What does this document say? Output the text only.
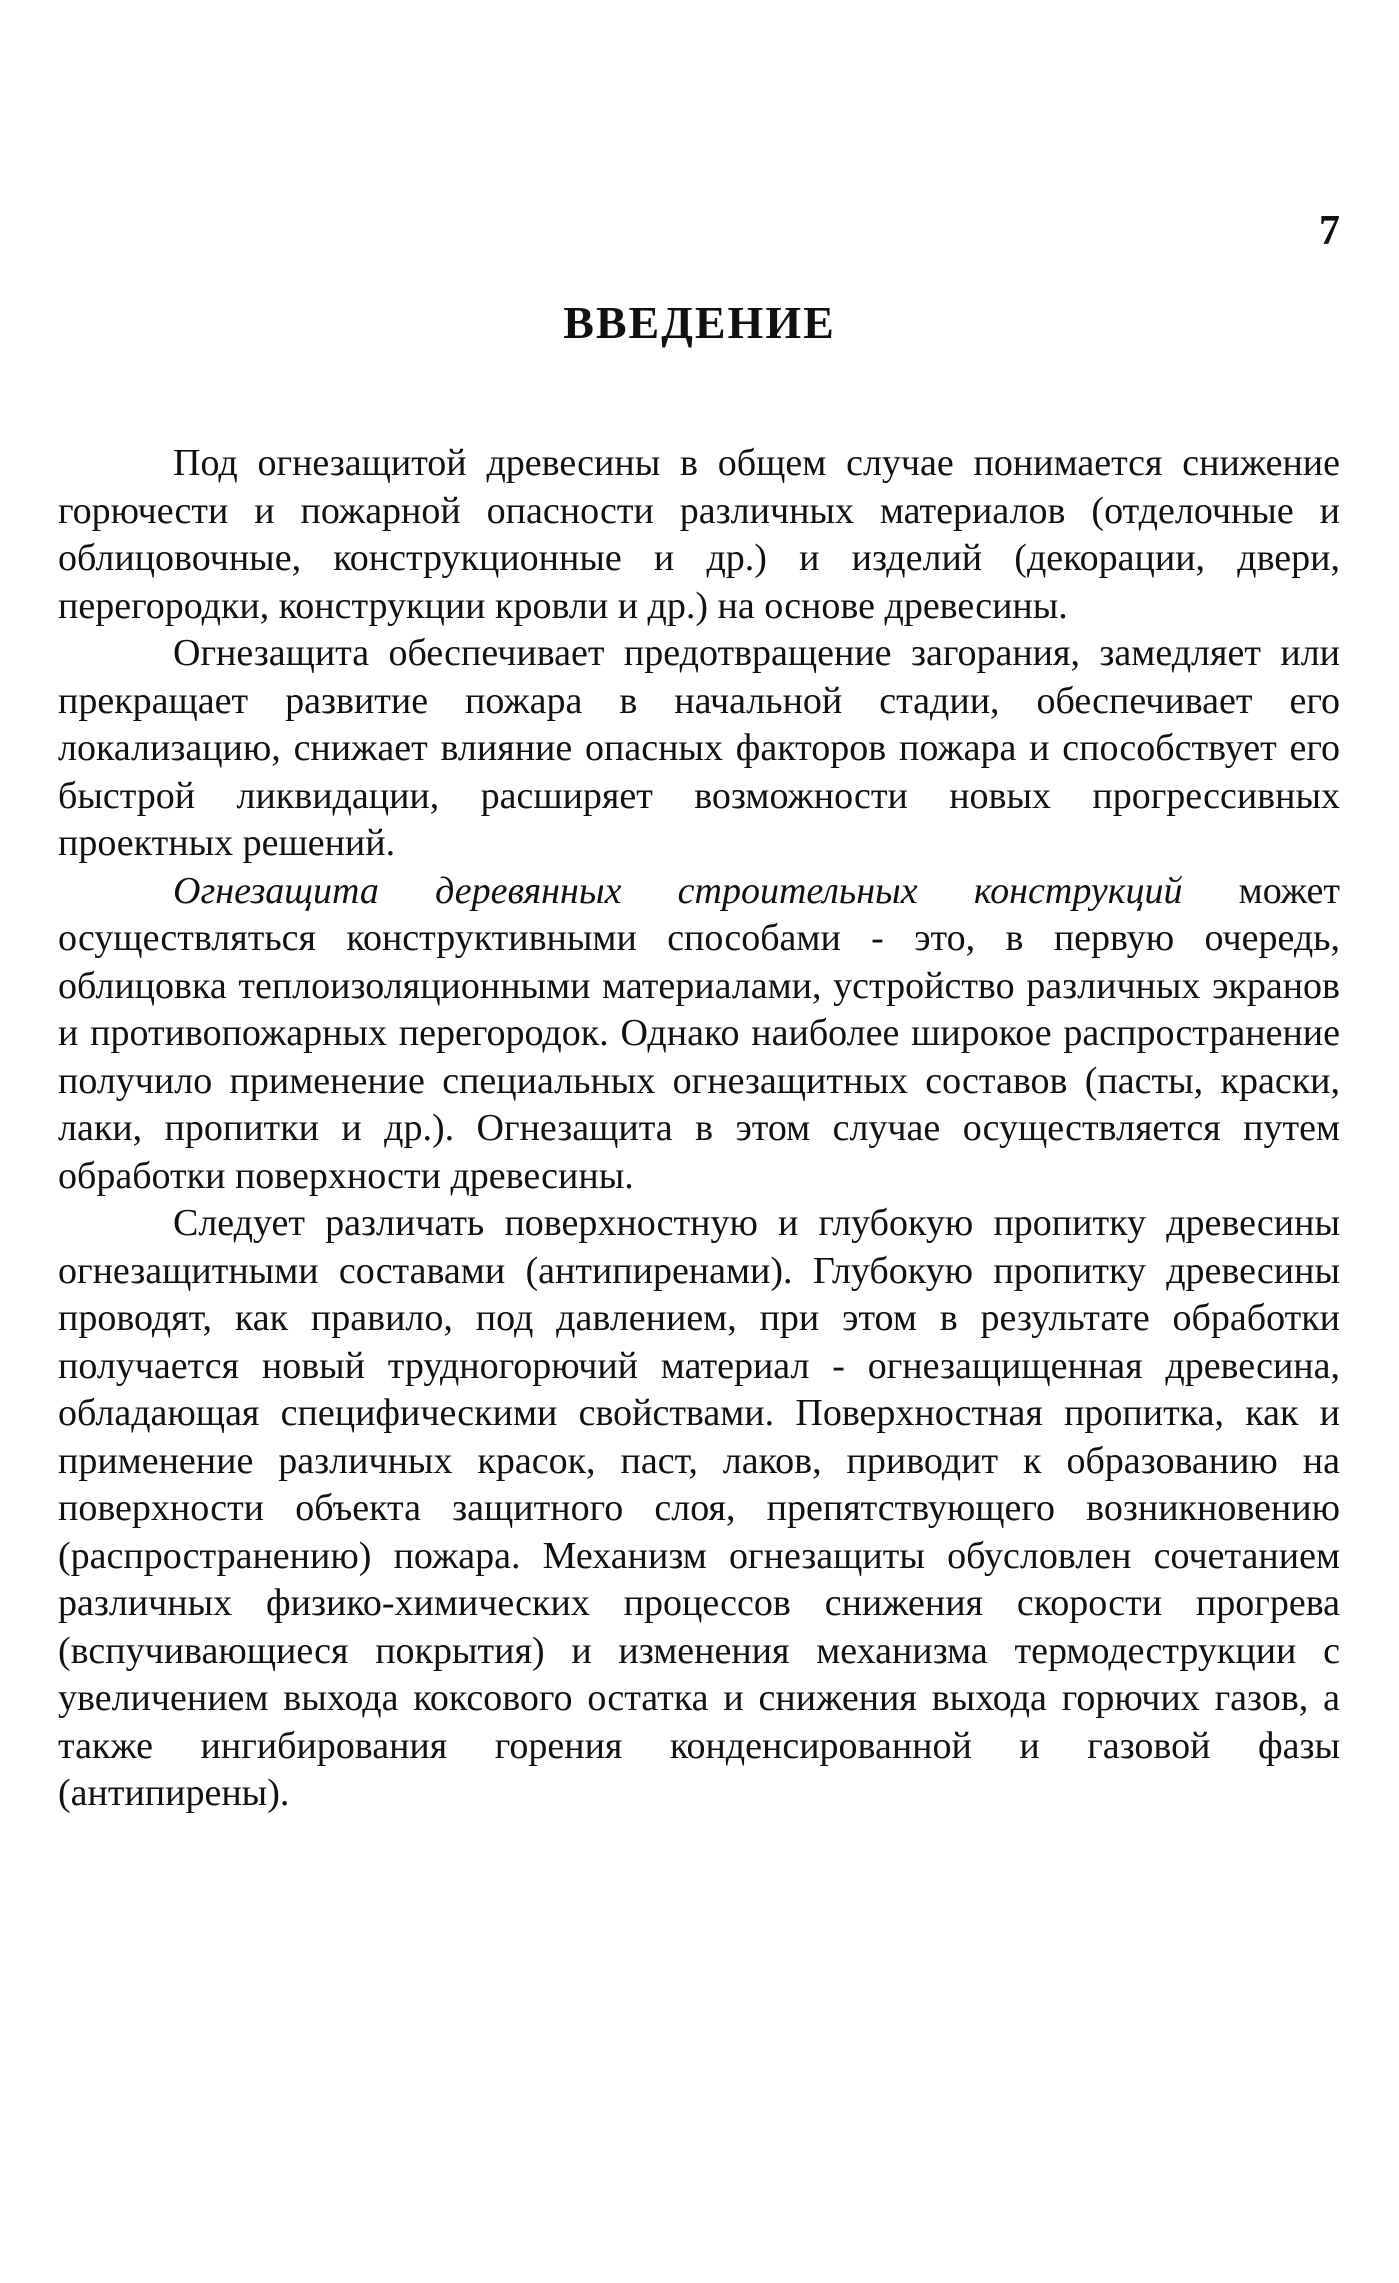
7
ВВЕДЕНИЕ

Под огнезащитой древесины в общем случае понимается снижение горючести и пожарной опасности различных материалов (отделочные и облицовочные, конструкционные и др.) и изделий (декорации, двери, перегородки, конструкции кровли и др.) на основе древесины.

Огнезащита обеспечивает предотвращение загорания, замедляет или прекращает развитие пожара в начальной стадии, обеспечивает его локализацию, снижает влияние опасных факторов пожара и способствует его быстрой ликвидации, расширяет возможности новых прогрессивных проектных решений.

Огнезащита деревянных строительных конструкций может осуществляться конструктивными способами - это, в первую очередь, облицовка теплоизоляционными материалами, устройство различных экранов и противопожарных перегородок. Однако наиболее широкое распространение получило применение специальных огнезащитных составов (пасты, краски, лаки, пропитки и др.). Огнезащита в этом случае осуществляется путем обработки поверхности древесины.

Следует различать поверхностную и глубокую пропитку древесины огнезащитными составами (антипиренами). Глубокую пропитку древесины проводят, как правило, под давлением, при этом в результате обработки получается новый трудногорючий материал - огнезащищенная древесина, обладающая специфическими свойствами. Поверхностная пропитка, как и применение различных красок, паст, лаков, приводит к образованию на поверхности объекта защитного слоя, препятствующего возникновению (распространению) пожара. Механизм огнезащиты обусловлен сочетанием различных физико-химических процессов снижения скорости прогрева (вспучивающиеся покрытия) и изменения механизма термодеструкции с увеличением выхода коксового остатка и снижения выхода горючих газов, а также ингибирования горения конденсированной и газовой фазы (антипирены).
